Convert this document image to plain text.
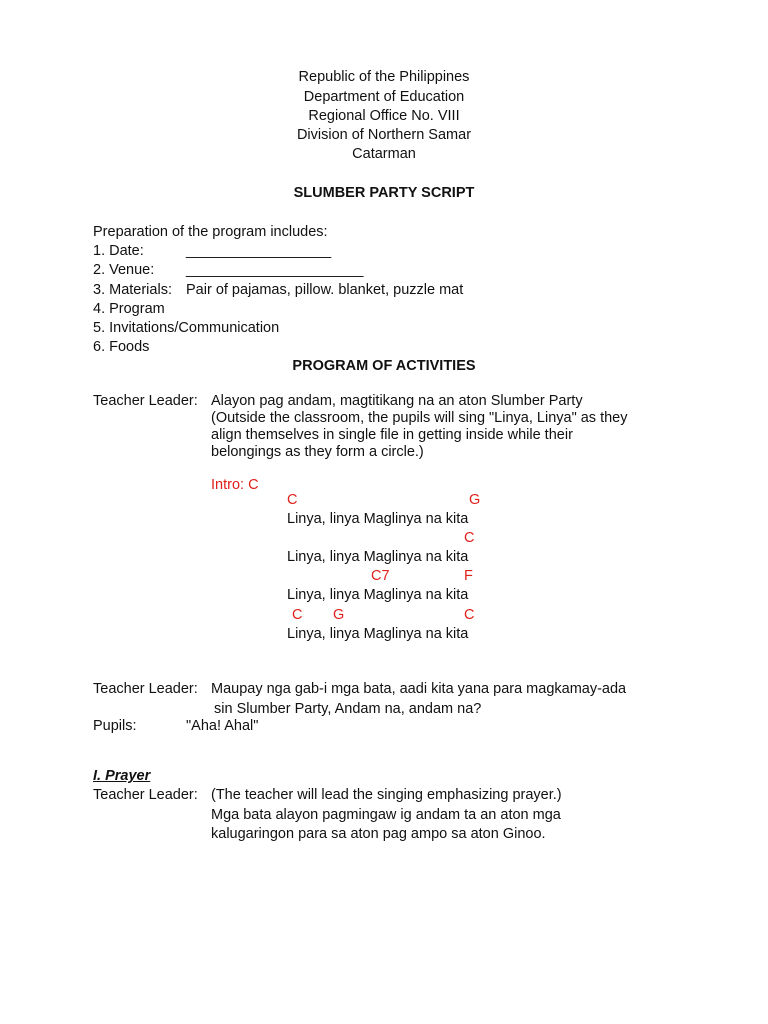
Republic of the Philippines
Department of Education
Regional Office No. VIII
Division of Northern Samar
Catarman
SLUMBER PARTY SCRIPT
Preparation of the program includes:
1. Date:	__________________
2. Venue: ______________________
3. Materials: Pair of pajamas, pillow. blanket, puzzle mat
4. Program
5. Invitations/Communication
6. Foods
PROGRAM OF ACTIVITIES
Teacher Leader: Alayon pag andam, magtitikang na an aton Slumber Party
(Outside the classroom, the pupils will sing "Linya, Linya" as they
align themselves in single file in getting inside while their
belongings as they form a circle.)
Intro: C
C	G
Linya, linya Maglinya na kita
C
Linya, linya Maglinya na kita
C7	F
Linya, linya Maglinya na kita
C G	C
Linya, linya Maglinya na kita
Teacher Leader: Maupay nga gab-i mga bata, aadi kita yana para magkamay-ada
sin Slumber Party, Andam na, andam na?
Pupils:	"Aha! Ahal"
I. Prayer
Teacher Leader: (The teacher will lead the singing emphasizing prayer.)
Mga bata alayon pagmingaw ig andam ta an aton mga
kalugaringon para sa aton pag ampo sa aton Ginoo.
